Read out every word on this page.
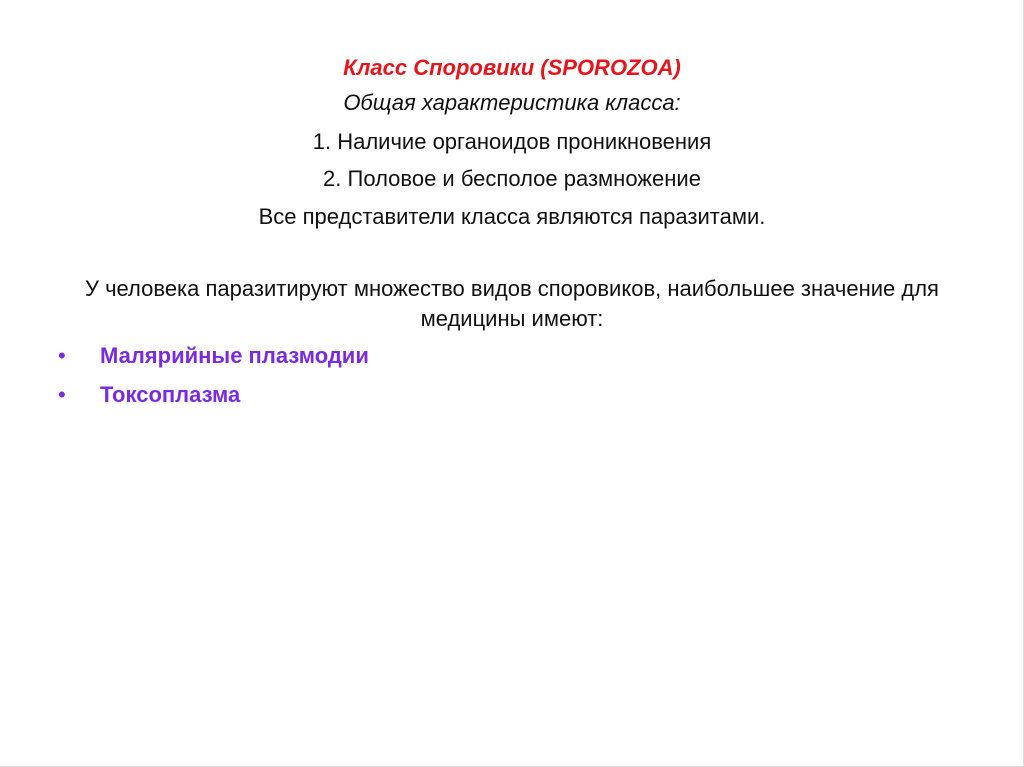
Класс Споровики (SPOROZOA)
Общая характеристика класса:
1. Наличие органоидов проникновения
2. Половое и бесполое размножение
Все представители класса являются паразитами.
У человека паразитируют множество видов споровиков, наибольшее значение для медицины имеют:
• Малярийные плазмодии
• Токсоплазма
